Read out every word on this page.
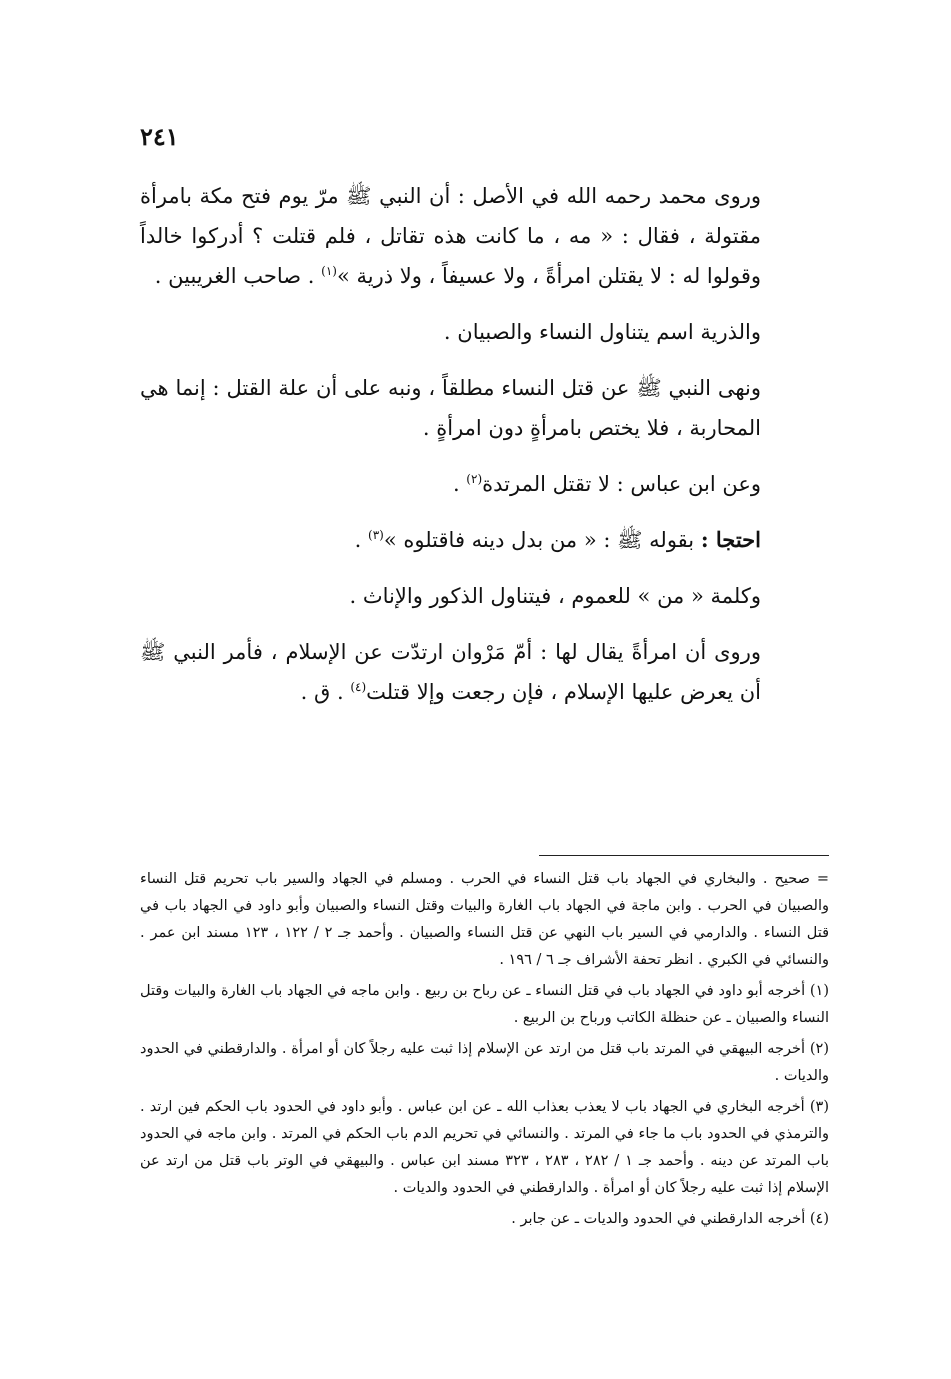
٢٤١

وروى محمد رحمه الله في الأصل : أن النبي ﷺ مرّ يوم فتح مكة بامرأة مقتولة ، فقال : « مه ، ما كانت هذه تقاتل ، فلم قتلت ؟ أدركوا خالداً وقولوا له : لا يقتلن امرأةً ، ولا عسيفاً ، ولا ذرية »$^{(١)}$ . صاحب الغريبين .

والذرية اسم يتناول النساء والصبيان .

ونهى النبي ﷺ عن قتل النساء مطلقاً ، ونبه على أن علة القتل : إنما هي المحاربة ، فلا يختص بامرأةٍ دون امرأةٍ .

وعن ابن عباس : لا تقتل المرتدة$^{(٢)}$ .

احتجا : بقوله ﷺ : « من بدل دينه فاقتلوه »$^{(٣)}$ .

وكلمة « من » للعموم ، فيتناول الذكور والإناث .

وروى أن امرأةً يقال لها : أمّ مَرْوان ارتدّت عن الإسلام ، فأمر النبي ﷺ أن يعرض عليها الإسلام ، فإن رجعت وإلا قتلت$^{(٤)}$ . ق .

= صحيح . والبخاري في الجهاد باب قتل النساء في الحرب . ومسلم في الجهاد والسير باب تحريم قتل النساء والصبيان في الحرب . وابن ماجة في الجهاد باب الغارة والبيات وقتل النساء والصبيان وأبو داود في الجهاد باب في قتل النساء . والدارمي في السير باب النهي عن قتل النساء والصبيان . وأحمد جـ ٢ / ١٢٢ ، ١٢٣ مسند ابن عمر . والنسائي في الكبري . انظر تحفة الأشراف جـ ٦ / ١٩٦ .

(١) أخرجه أبو داود في الجهاد باب في قتل النساء ـ عن رباح بن ربيع . وابن ماجه في الجهاد باب الغارة والبيات وقتل النساء والصبيان ـ عن حنظلة الكاتب ورباح بن الربيع .

(٢) أخرجه البيهقي في المرتد باب قتل من ارتد عن الإسلام إذا ثبت عليه رجلاً كان أو امرأة . والدارقطني في الحدود والديات .

(٣) أخرجه البخاري في الجهاد باب لا يعذب بعذاب الله ـ عن ابن عباس . وأبو داود في الحدود باب الحكم فين ارتد . والترمذي في الحدود باب ما جاء في المرتد . والنسائي في تحريم الدم باب الحكم في المرتد . وابن ماجه في الحدود باب المرتد عن دينه . وأحمد جـ ١ / ٢٨٢ ، ٢٨٣ ، ٣٢٣ مسند ابن عباس . والبيهقي في الوتر باب قتل من ارتد عن الإسلام إذا ثبت عليه رجلاً كان أو امرأة . والدارقطني في الحدود والديات .

(٤) أخرجه الدارقطني في الحدود والديات ـ عن جابر .
